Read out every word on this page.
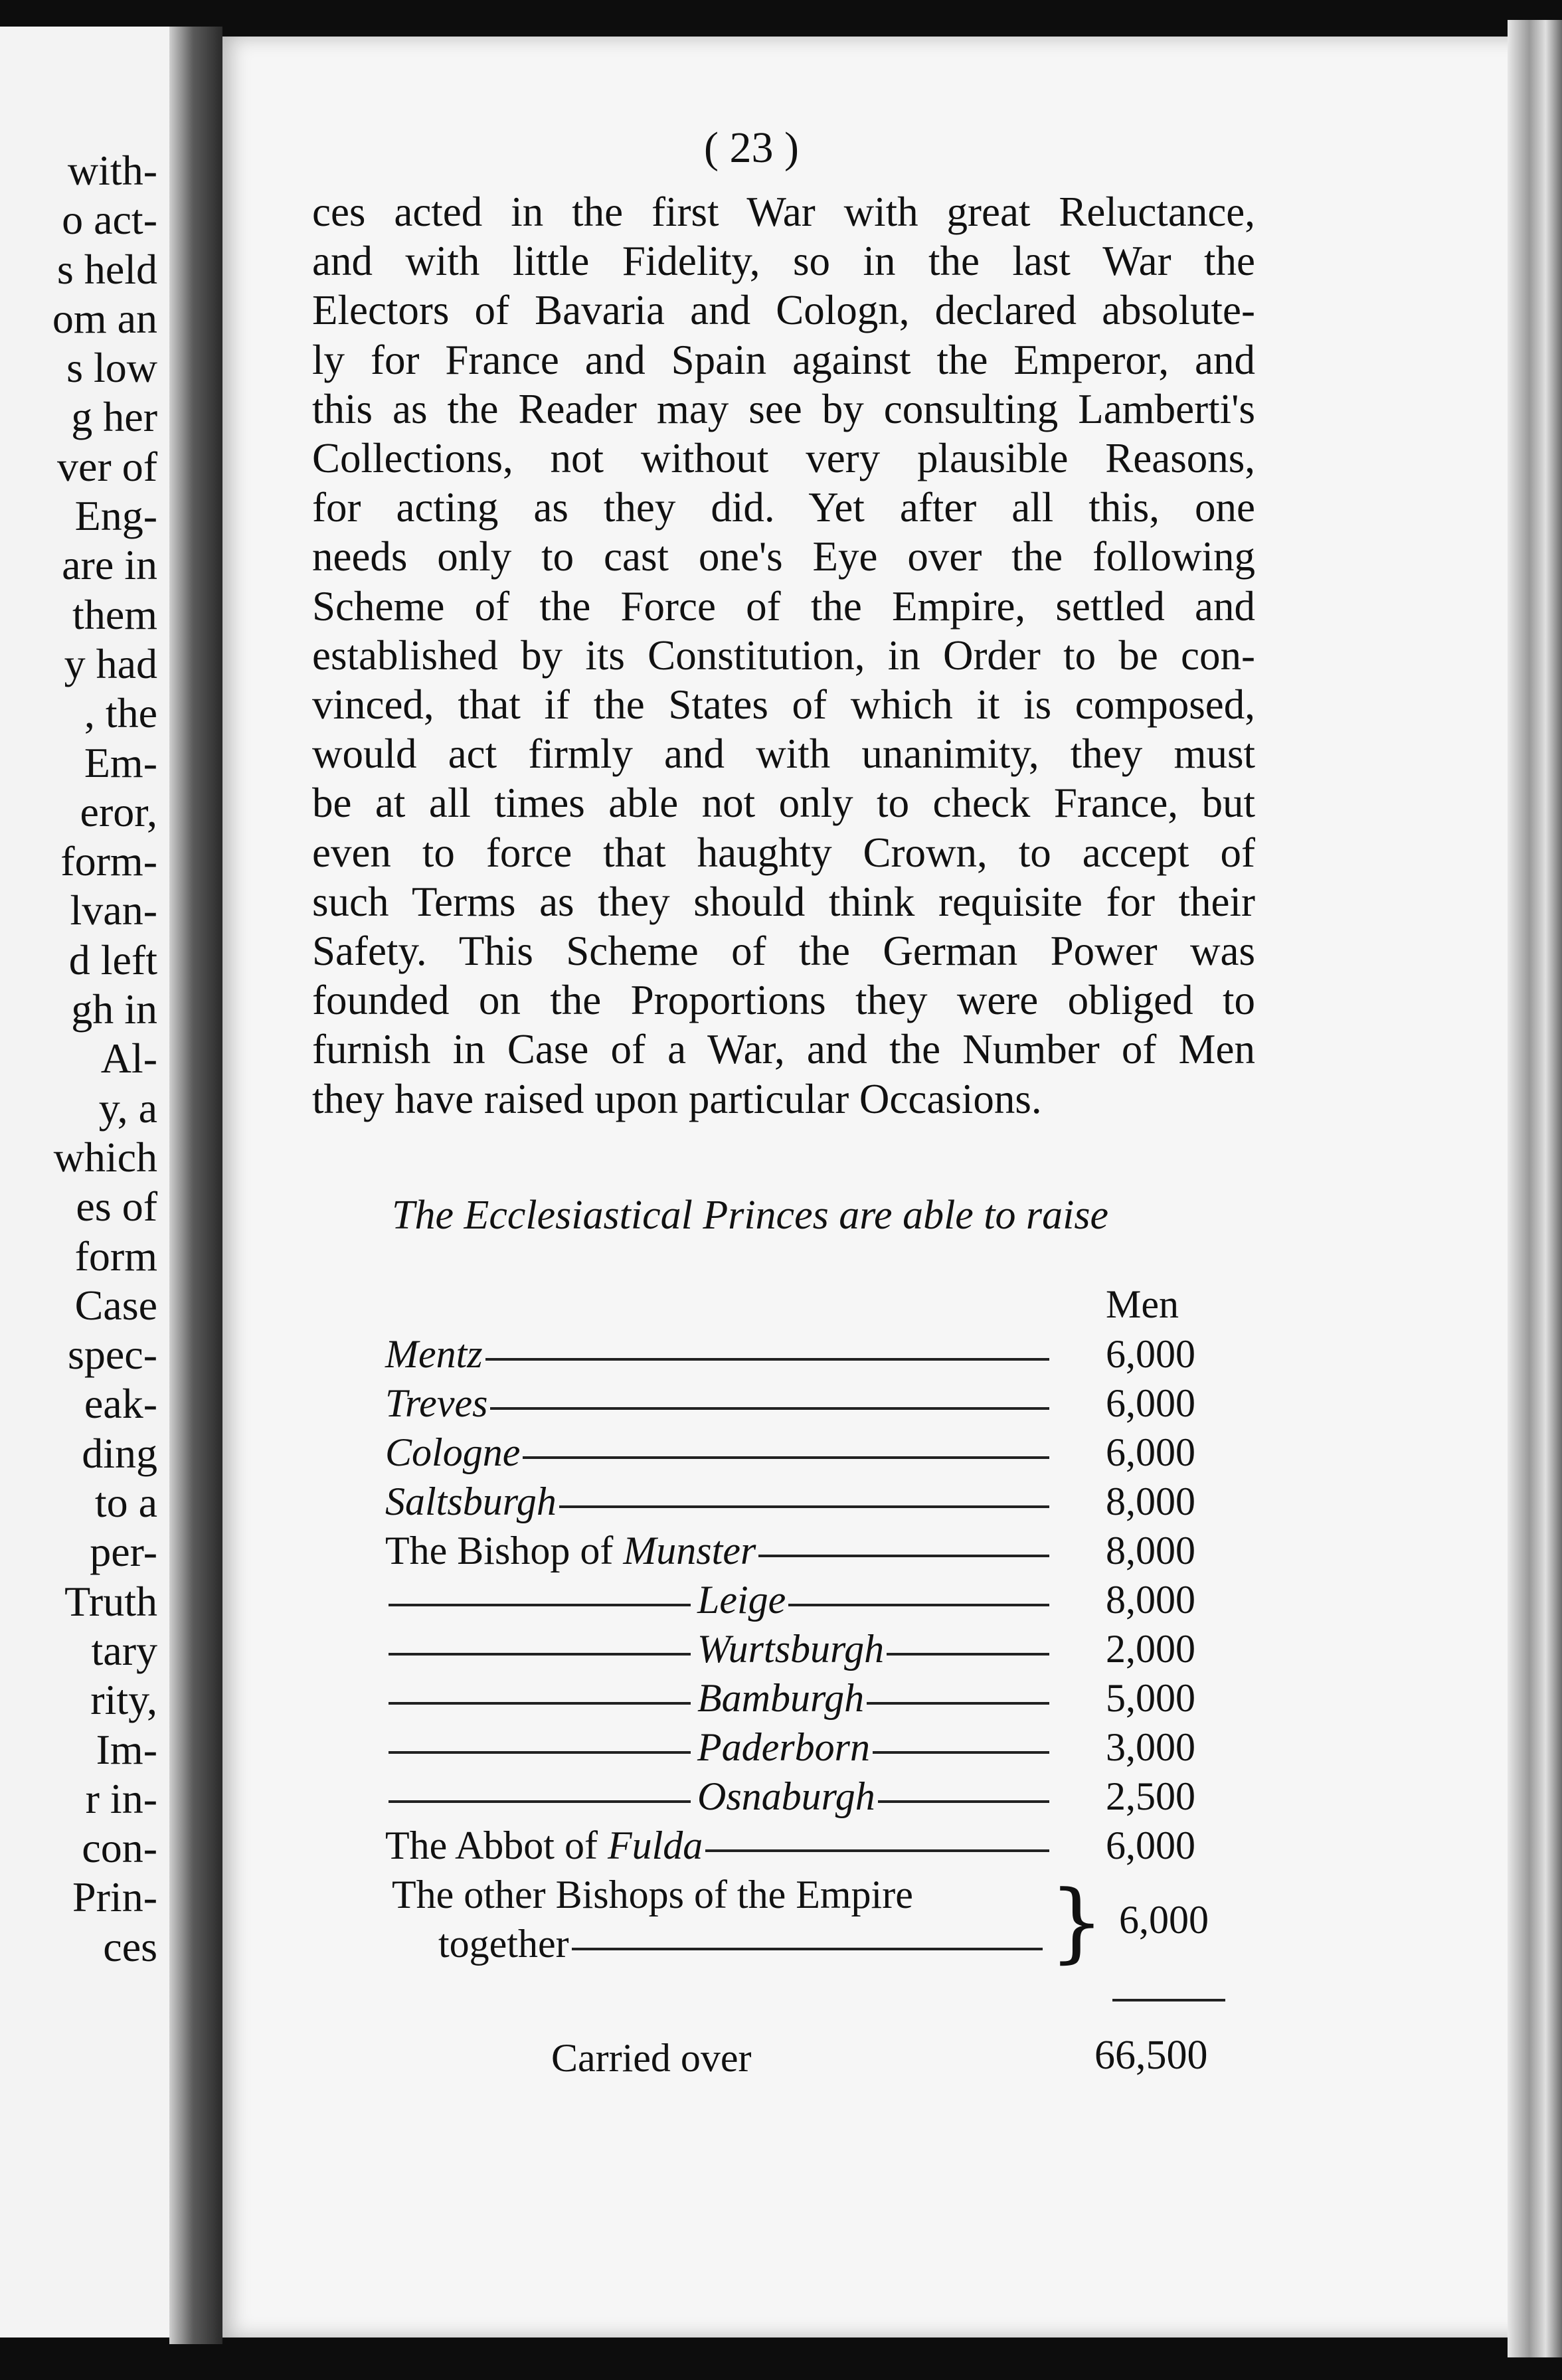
with-
o act-
s held
om an
s low
g her
ver of
Eng-
are in
them
y had
, the
Em-
eror,
form-
lvan-
d left
gh in
Al-
y, a
which
es of
form
Case
spec-
eak-
ding
to a
per-
Truth
tary
rity,
Im-
r in-
con-
Prin-
ces
( 23 )
ces acted in the first War with great Reluctance,
and with little Fidelity, so in the last War the
Electors of Bavaria and Cologn, declared absolute-
ly for France and Spain against the Emperor, and
this as the Reader may see by consulting Lamberti's
Collections, not without very plausible Reasons,
for acting as they did. Yet after all this, one
needs only to cast one's Eye over the following
Scheme of the Force of the Empire, settled and
established by its Constitution, in Order to be con-
vinced, that if the States of which it is composed,
would act firmly and with unanimity, they must
be at all times able not only to check France, but
even to force that haughty Crown, to accept of
such Terms as they should think requisite for their
Safety. This Scheme of the German Power was
founded on the Proportions they were obliged to
furnish in Case of a War, and the Number of Men
they have raised upon particular Occasions.
The Ecclesiastical Princes are able to raise
Men
Mentz	6,000
Treves	6,000
Cologne	6,000
Saltsburgh	8,000
The Bishop of Munster	8,000
Leige	8,000
Wurtsburgh	2,000
Bamburgh	5,000
Paderborn	3,000
Osnaburgh	2,500
The Abbot of Fulda	6,000
The other Bishops of the Empire
together	} 6,000
Carried over	66,500
